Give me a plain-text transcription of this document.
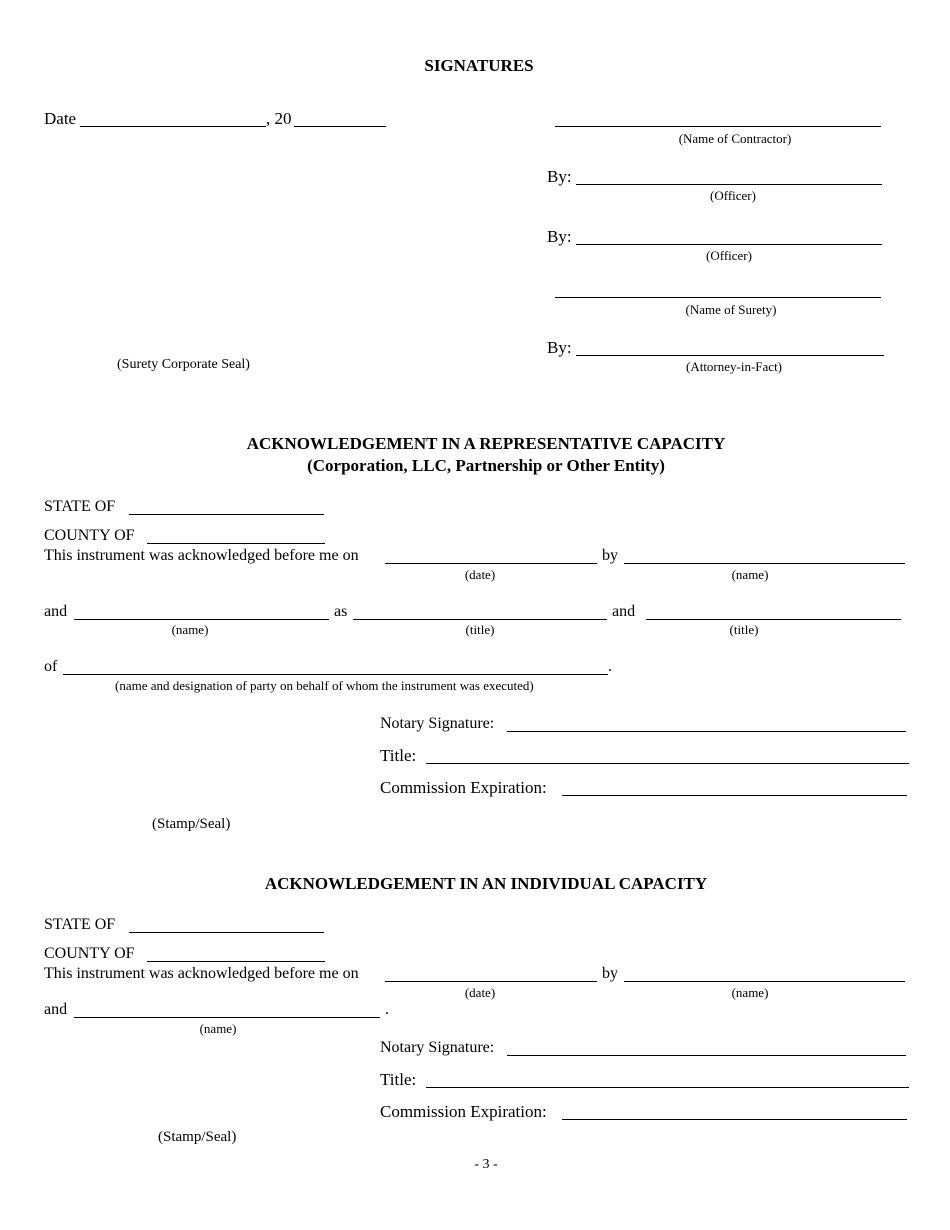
SIGNATURES
Date	, 20
(Name of Contractor)
By:
(Officer)
By:
(Officer)
(Name of Surety)
By:
(Attorney-in-Fact)
(Surety Corporate Seal)
ACKNOWLEDGEMENT IN A REPRESENTATIVE CAPACITY
(Corporation, LLC, Partnership or Other Entity)
STATE OF
COUNTY OF
This instrument was acknowledged before me on	by
(date)	(name)
and	as	and
(name)	(title)	(title)
of	.
(name and designation of party on behalf of whom the instrument was executed)
Notary Signature:
Title:
Commission Expiration:
(Stamp/Seal)
ACKNOWLEDGEMENT IN AN INDIVIDUAL CAPACITY
STATE OF
COUNTY OF
This instrument was acknowledged before me on	by
(date)	(name)
and	.
(name)
Notary Signature:
Title:
Commission Expiration:
(Stamp/Seal)
- 3 -
